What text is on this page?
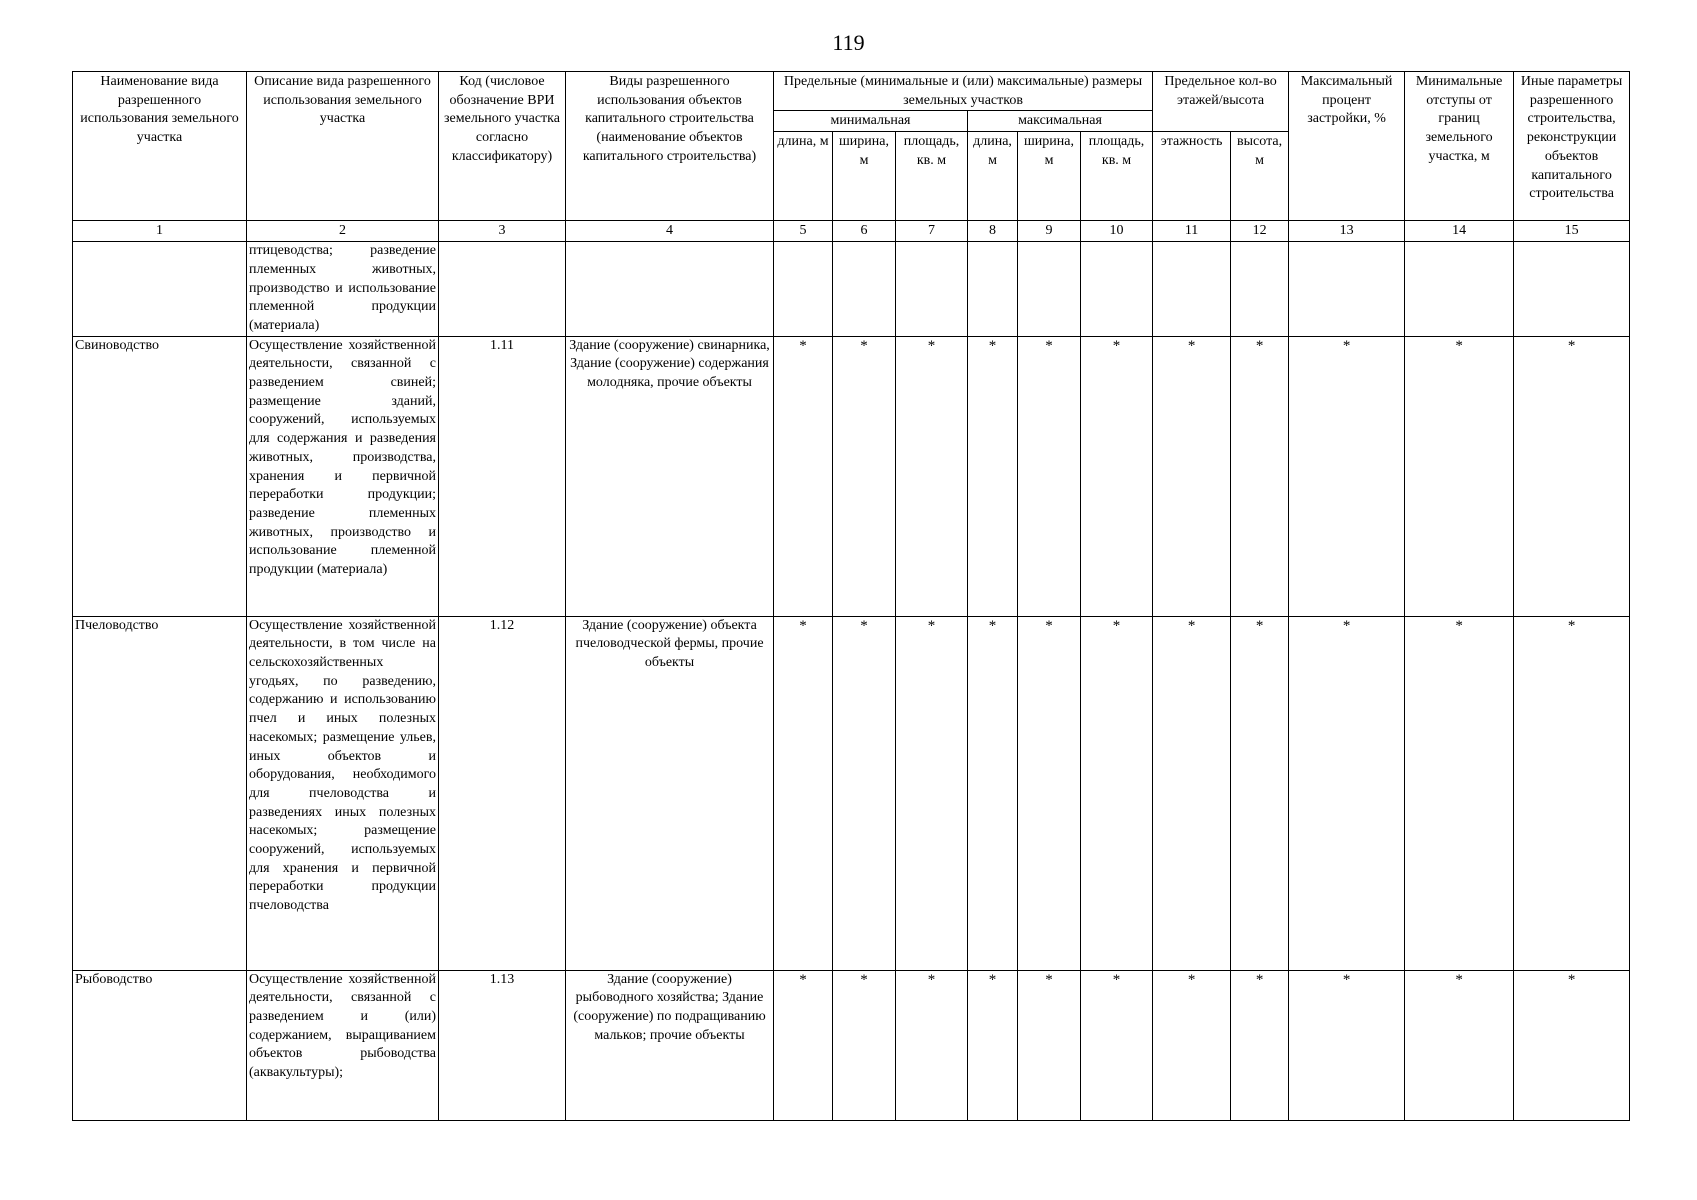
119
Наименование вида разрешенного использования земельного участка	Описание вида разрешенного использования земельного участка	Код (числовое обозначение ВРИ земельного участка согласно классификатору)	Виды разрешенного использования объектов капитального строительства (наименование объектов капитального строительства)	Предельные (минимальные и (или) максимальные) размеры земельных участков						Предельное кол-во этажей/высота		Максимальный процент застройки, %	Минимальные отступы от границ земельного участка, м	Иные параметры разрешенного строительства, реконструкции объектов капитального строительства
				минимальная			максимальная							
				длина, м	ширина, м	площадь, кв. м	длина, м	ширина, м	площадь, кв. м	этажность	высота, м			
1	2	3	4	5	6	7	8	9	10	11	12	13	14	15
	птицеводства; разведение племенных животных, производство и использование племенной продукции (материала)													
Свиноводство	Осуществление хозяйственной деятельности, связанной с разведением свиней; размещение зданий, сооружений, используемых для содержания и разведения животных, производства, хранения и первичной переработки продукции; разведение племенных животных, производство и использование племенной продукции (материала)	1.11	Здание (сооружение) свинарника, Здание (сооружение) содержания молодняка, прочие объекты	*	*	*	*	*	*	*	*	*	*	*
Пчеловодство	Осуществление хозяйственной деятельности, в том числе на сельскохозяйственных угодьях, по разведению, содержанию и использованию пчел и иных полезных насекомых; размещение ульев, иных объектов и оборудования, необходимого для пчеловодства и разведениях иных полезных насекомых; размещение сооружений, используемых для хранения и первичной переработки продукции пчеловодства	1.12	Здание (сооружение) объекта пчеловодческой фермы, прочие объекты	*	*	*	*	*	*	*	*	*	*	*
Рыбоводство	Осуществление хозяйственной деятельности, связанной с разведением и (или) содержанием, выращиванием объектов рыбоводства (аквакультуры);	1.13	Здание (сооружение) рыбоводного хозяйства; Здание (сооружение) по подращиванию мальков; прочие объекты	*	*	*	*	*	*	*	*	*	*	*
